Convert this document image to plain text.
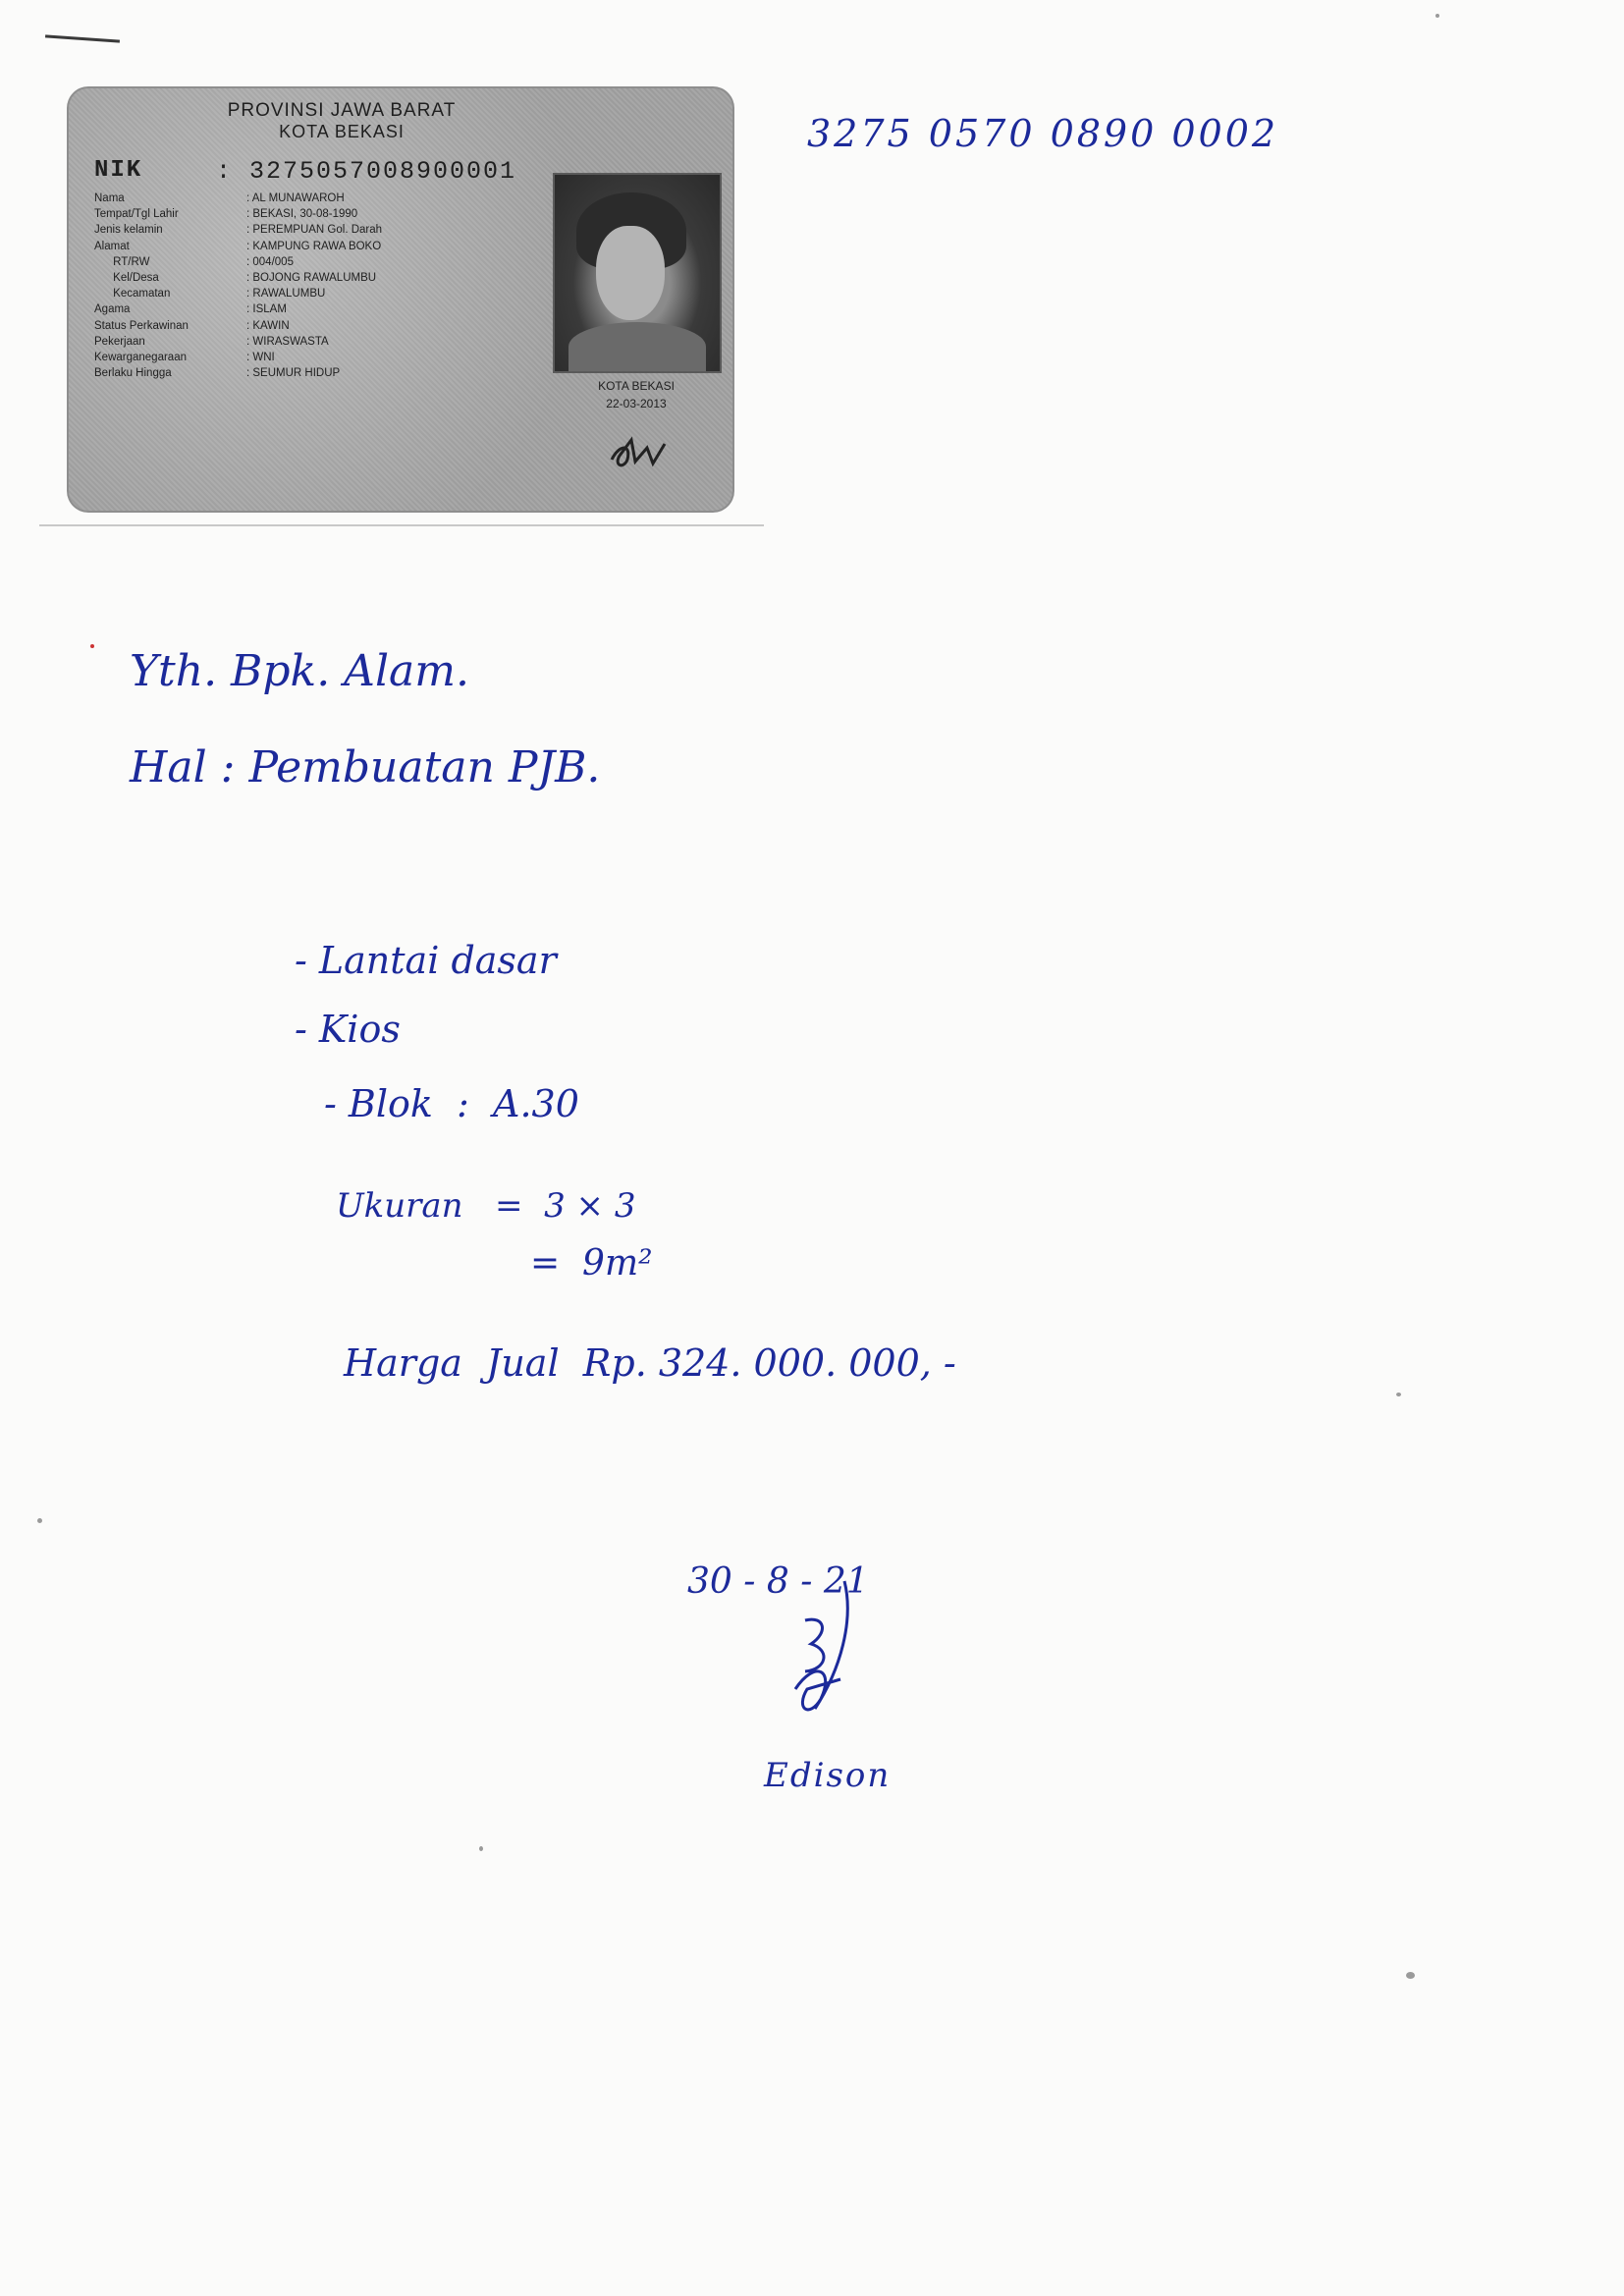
PROVINSI JAWA BARAT
KOTA BEKASI
NIK	: 3275057008900001
Nama	: AL MUNAWAROH
Tempat/Tgl Lahir	: BEKASI, 30-08-1990
Jenis kelamin	: PEREMPUAN Gol. Darah
Alamat	: KAMPUNG RAWA BOKO
RT/RW	: 004/005
Kel/Desa	: BOJONG RAWALUMBU
Kecamatan	: RAWALUMBU
Agama	: ISLAM
Status Perkawinan	: KAWIN
Pekerjaan	: WIRASWASTA
Kewarganegaraan	: WNI
Berlaku Hingga	: SEUMUR HIDUP
KOTA BEKASI
22-03-2013
3275 0570 0890 0002
Yth. Bpk. Alam.
Hal : Pembuatan PJB.
- Lantai dasar
- Kios
- Blok  :  A.30
Ukuran   =  3 × 3
=  9m²
Harga  Jual  Rp. 324. 000. 000, -
30 - 8 - 21
Edison
